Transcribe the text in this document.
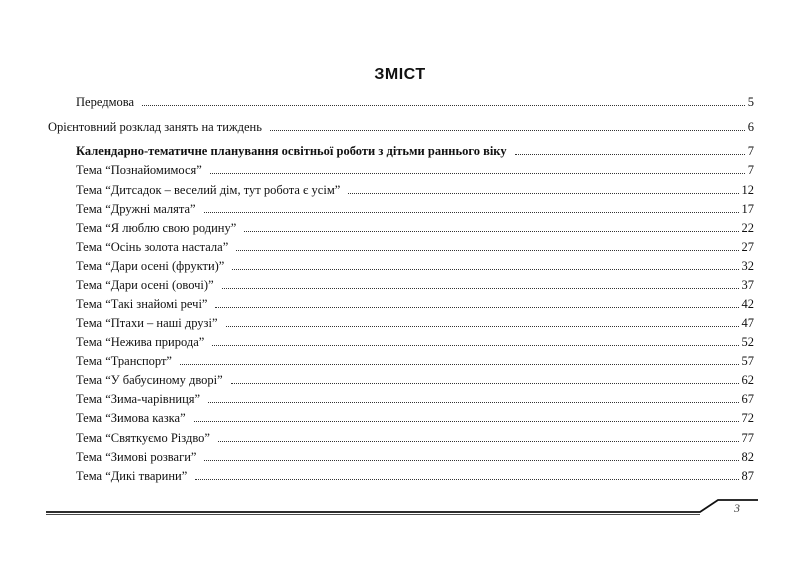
ЗМІСТ
Передмова	5
Орієнтовний розклад занять на тиждень	6
Календарно-тематичне планування освітньої роботи з дітьми раннього віку	7
Тема “Познайомимося”	7
Тема “Дитсадок – веселий дім, тут робота є усім”	12
Тема “Дружні малята”	17
Тема “Я люблю свою родину”	22
Тема “Осінь золота настала”	27
Тема “Дари осені (фрукти)”	32
Тема “Дари осені (овочі)”	37
Тема “Такі знайомі речі”	42
Тема “Птахи – наші друзі”	47
Тема “Нежива природа”	52
Тема “Транспорт”	57
Тема “У бабусиному дворі”	62
Тема “Зима-чарівниця”	67
Тема “Зимова казка”	72
Тема “Святкуємо Різдво”	77
Тема “Зимові розваги”	82
Тема “Дикі тварини”	87
3
